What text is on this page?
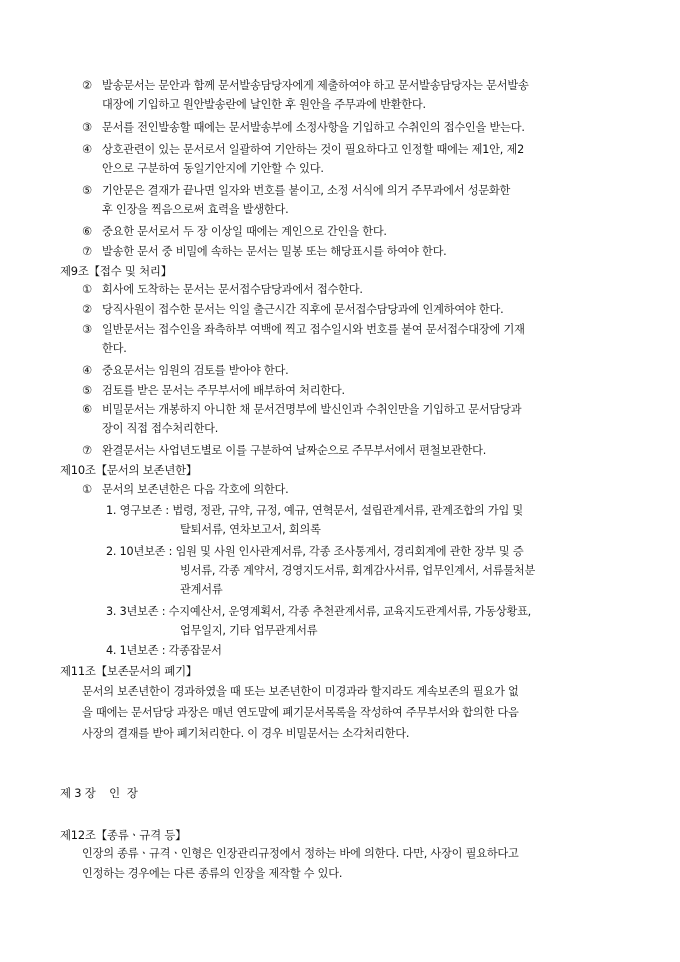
② 발송문서는 문안과 함께 문서발송담당자에게 제출하여야 하고 문서발송담당자는 문서발송
대장에 기입하고 원안발송란에 날인한 후 원안을 주무과에 반환한다.
③ 문서를 전인발송할 때에는 문서발송부에 소정사항을 기입하고 수취인의 접수인을 받는다.
④ 상호관련이 있는 문서로서 일괄하여 기안하는 것이 필요하다고 인정할 때에는 제1안, 제2
안으로 구분하여 동일기안지에 기안할 수 있다.
⑤ 기안문은 결재가 끝나면 일자와 번호를 붙이고, 소정 서식에 의거 주무과에서 성문화한
후 인장을 찍음으로써 효력을 발생한다.
⑥ 중요한 문서로서 두 장 이상일 때에는 계인으로 간인을 한다.
⑦ 발송한 문서 중 비밀에 속하는 문서는 밀봉 또는 해당표시를 하여야 한다.
제9조【접수 및 처리】
① 회사에 도착하는 문서는 문서접수담당과에서 접수한다.
② 당직사원이 접수한 문서는 익일 출근시간 직후에 문서접수담당과에 인계하여야 한다.
③ 일반문서는 접수인을 좌측하부 여백에 찍고 접수일시와 번호를 붙여 문서접수대장에 기재
한다.
④ 중요문서는 임원의 검토를 받아야 한다.
⑤ 검토를 받은 문서는 주무부서에 배부하여 처리한다.
⑥ 비밀문서는 개봉하지 아니한 채 문서건명부에 발신인과 수취인만을 기입하고 문서담당과
장이 직접 접수처리한다.
⑦ 완결문서는 사업년도별로 이를 구분하여 날짜순으로 주무부서에서 편철보관한다.
제10조【문서의 보존년한】
① 문서의 보존년한은 다음 각호에 의한다.
1. 영구보존 : 법령, 정관, 규약, 규정, 예규, 연혁문서, 설립관계서류, 관계조합의 가입 및
탈퇴서류, 연차보고서, 회의록
2. 10년보존 : 임원 및 사원 인사관계서류, 각종 조사통계서, 경리회계에 관한 장부 및 증
빙서류, 각종 계약서, 경영지도서류, 회계감사서류, 업무인계서, 서류물처분
관계서류
3. 3년보존 : 수지예산서, 운영계획서, 각종 추천관계서류, 교육지도관계서류, 가동상황표,
업무일지, 기타 업무관계서류
4. 1년보존 : 각종잡문서
제11조【보존문서의 폐기】
문서의 보존년한이 경과하였을 때 또는 보존년한이 미경과라 할지라도 계속보존의 필요가 없
을 때에는 문서담당 과장은 매년 연도말에 폐기문서목록을 작성하여 주무부서와 합의한 다음
사장의 결재를 받아 폐기처리한다. 이 경우 비밀문서는 소각처리한다.
제 3 장    인  장
제12조【종류ㆍ규격 등】
인장의 종류ㆍ규격ㆍ인형은 인장관리규정에서 정하는 바에 의한다. 다만, 사장이 필요하다고
인정하는 경우에는 다른 종류의 인장을 제작할 수 있다.
